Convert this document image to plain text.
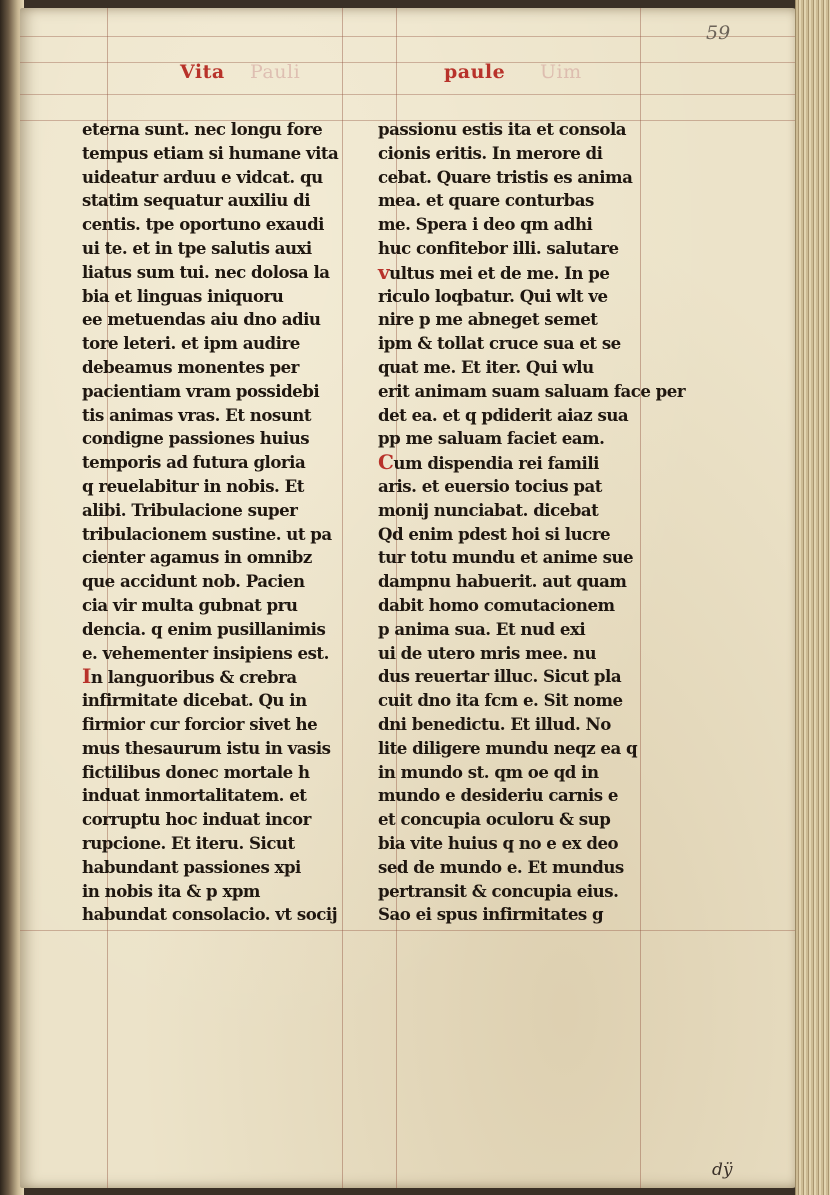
Vita Pauli	paule Uim
59
eterna sunt. nec longu fore
tempus etiam si humane vita
uideatur arduu e vidcat. qu
statim sequatur auxiliu di
centis. tpe oportuno exaudi
ui te. et in tpe salutis auxi
liatus sum tui. nec dolosa la
bia et linguas iniquoru
ee metuendas aiu dno adiu
tore leteri. et ipm audire
debeamus monentes per
pacientiam vram possidebi
tis animas vras. Et nosunt
condigne passiones huius
temporis ad futura gloria
q reuelabitur in nobis. Et
alibi. Tribulacione super
tribulacionem sustine. ut pa
cienter agamus in omnibz
que accidunt nob. Pacien
cia vir multa gubnat pru
dencia. q enim pusillanimis
e. vehementer insipiens est.
In languoribus & crebra
infirmitate dicebat. Qu in
firmior cur forcior sivet he
mus thesaurum istu in vasis
fictilibus donec mortale h
induat inmortalitatem. et
corruptu hoc induat incor
rupcione. Et iteru. Sicut
habundant passiones xpi
in nobis ita & p xpm
habundat consolacio. vt socij
passionu estis ita et consola
cionis eritis. In merore di
cebat. Quare tristis es anima
mea. et quare conturbas
me. Spera i deo qm adhi
huc confitebor illi. salutare
vultus mei et de me. In pe
riculo loqbatur. Qui wlt ve
nire p me abneget semet
ipm & tollat cruce sua et se
quat me. Et iter. Qui wlu
erit animam suam saluam face per
det ea. et q pdiderit aiaz sua
pp me saluam faciet eam.
Cum dispendia rei famili
aris. et euersio tocius pat
monij nunciabat. dicebat
Qd enim pdest hoi si lucre
tur totu mundu et anime sue
dampnu habuerit. aut quam
dabit homo comutacionem
p anima sua. Et nud exi
ui de utero mris mee. nu
dus reuertar illuc. Sicut pla
cuit dno ita fcm e. Sit nome
dni benedictu. Et illud. No
lite diligere mundu neqz ea q
in mundo st. qm oe qd in
mundo e desideriu carnis e
et concupia oculoru & sup
bia vite huius q no e ex deo
sed de mundo e. Et mundus
pertransit & concupia eius.
Sao ei spus infirmitates g
dÿ
